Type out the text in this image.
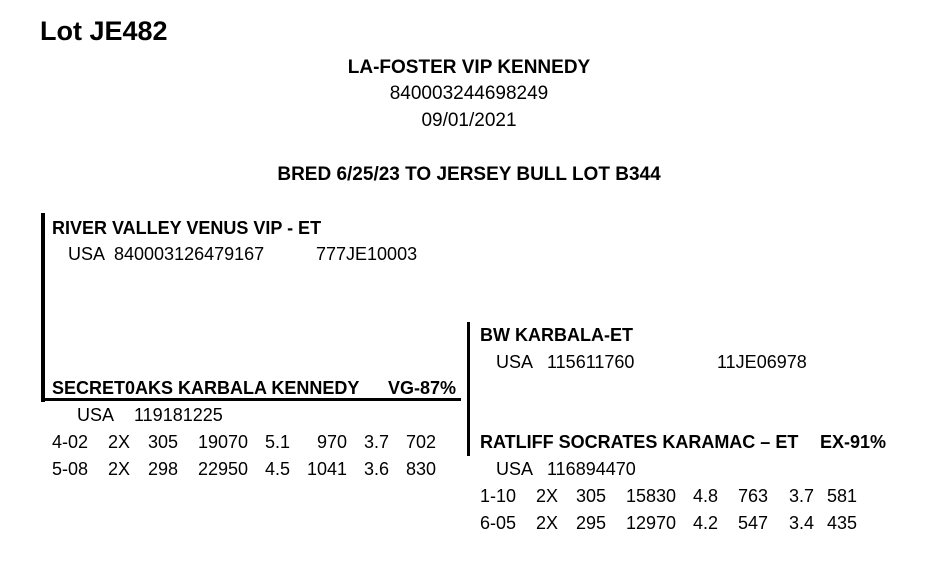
Lot JE482
LA-FOSTER VIP KENNEDY
840003244698249
09/01/2021
BRED 6/25/23 TO JERSEY BULL LOT B344
RIVER VALLEY VENUS VIP - ET
USA 840003126479167	777JE10003
SECRET0AKS KARBALA KENNEDY VG-87%
USA 119181225
4-02	2X 305	19070 5.1	970 3.7 702
5-08	2X 298	22950 4.5 1041 3.6 830
BW KARBALA-ET
USA 115611760	11JE06978
RATLIFF SOCRATES KARAMAC – ET EX-91%
USA 116894470
1-10	2X 305	15830 4.8	763	3.7 581
6-05	2X 295	12970 4.2	547	3.4 435
